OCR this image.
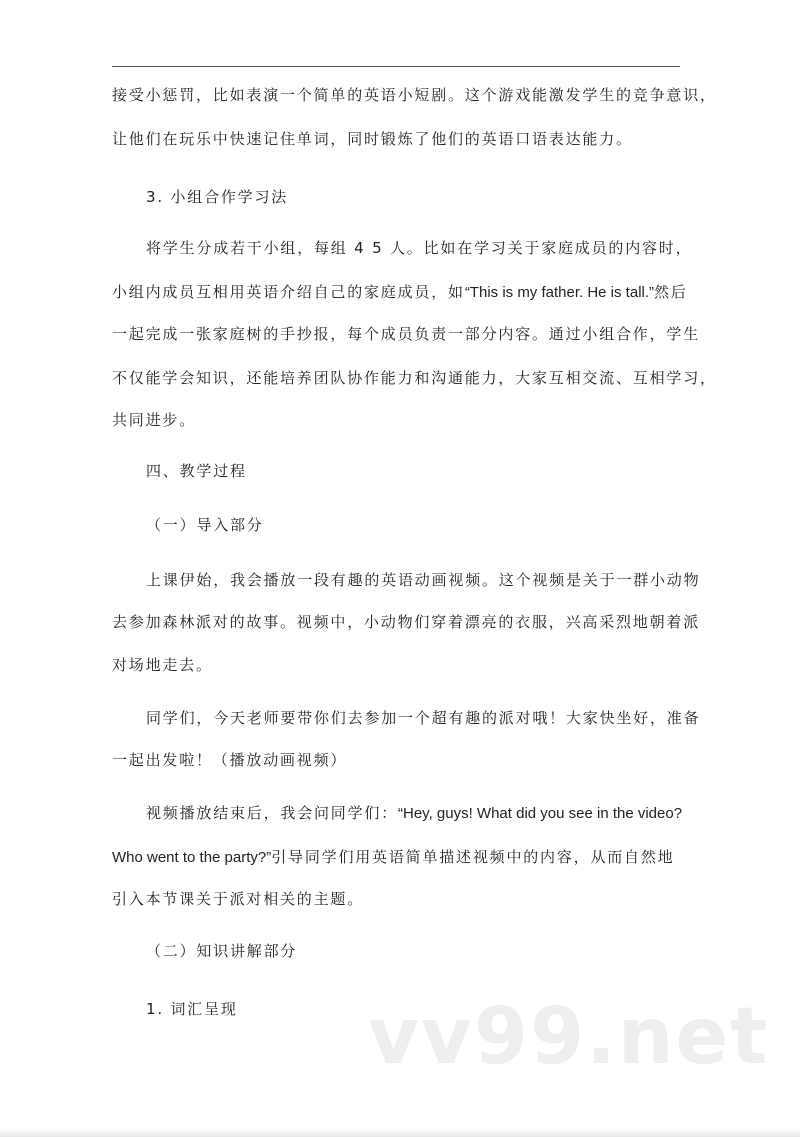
接受小惩罚，比如表演一个简单的英语小短剧。这个游戏能激发学生的竞争意识，
让他们在玩乐中快速记住单词，同时锻炼了他们的英语口语表达能力。
3. 小组合作学习法
将学生分成若干小组，每组 4 5 人。比如在学习关于家庭成员的内容时，
小组内成员互相用英语介绍自己的家庭成员，如“This is my father. He is tall.”然后
一起完成一张家庭树的手抄报，每个成员负责一部分内容。通过小组合作，学生
不仅能学会知识，还能培养团队协作能力和沟通能力，大家互相交流、互相学习，
共同进步。
四、教学过程
（一）导入部分
上课伊始，我会播放一段有趣的英语动画视频。这个视频是关于一群小动物
去参加森林派对的故事。视频中，小动物们穿着漂亮的衣服，兴高采烈地朝着派
对场地走去。
同学们，今天老师要带你们去参加一个超有趣的派对哦！大家快坐好，准备
一起出发啦！（播放动画视频）
视频播放结束后，我会问同学们：“Hey, guys! What did you see in the video?
Who went to the party?”引导同学们用英语简单描述视频中的内容，从而自然地
引入本节课关于派对相关的主题。
（二）知识讲解部分
1. 词汇呈现 vv99.net
